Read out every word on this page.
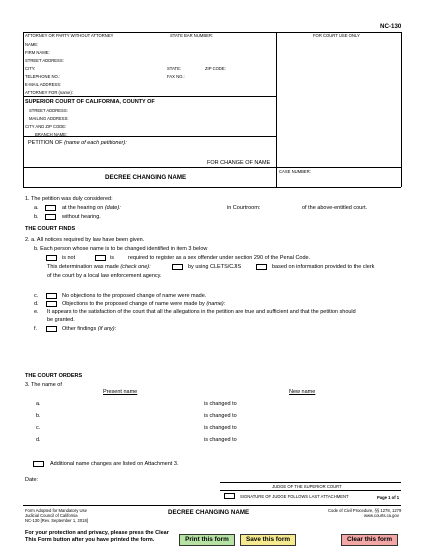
NC-130
ATTORNEY OR PARTY WITHOUT ATTORNEY	STATE BAR NUMBER:	FOR COURT USE ONLY
NAME:
FIRM NAME:
STREET ADDRESS:
CITY:	STATE:	ZIP CODE:
TELEPHONE NO.:	FAX NO.:
E-MAIL ADDRESS:
ATTORNEY FOR (name):
SUPERIOR COURT OF CALIFORNIA, COUNTY OF
STREET ADDRESS:
MAILING ADDRESS:
CITY AND ZIP CODE:
BRANCH NAME:
PETITION OF (name of each petitioner):
FOR CHANGE OF NAME
DECREE CHANGING NAME
CASE NUMBER:
1. The petition was duly considered:
a.	at the hearing on (date):	in Courtroom:	of the above-entitled court.
b.	without hearing.
THE COURT FINDS
2. a. All notices required by law have been given.
b. Each person whose name is to be changed identified in item 3 below
is not	is	required to register as a sex offender under section 290 of the Penal Code.
This determination was made (check one):	by using CLETS/CJIS	based on information provided to the clerk
of the court by a local law enforcement agency.
c.	No objections to the proposed change of name were made.
d.	Objections to the proposed change of name were made by (name):
e. It appears to the satisfaction of the court that all the allegations in the petition are true and sufficient and that the petition should
be granted.
f.	Other findings (if any):
THE COURT ORDERS
3. The name of
Present name	New name
a.	is changed to
b.	is changed to
c.	is changed to
d.	is changed to
Additional name changes are listed on Attachment 3.
Date:
JUDGE OF THE SUPERIOR COURT
SIGNATURE OF JUDGE FOLLOWS LAST ATTACHMENT	Page 1 of 1
Form Adopted for Mandatory Use
Judicial Council of California
NC-130 [Rev. September 1, 2018]
DECREE CHANGING NAME	Code of Civil Procedure, §§ 1278, 1279
www.courts.ca.gov
For your protection and privacy, please press the Clear
This Form button after you have printed the form.	Print this form	Save this form	Clear this form
